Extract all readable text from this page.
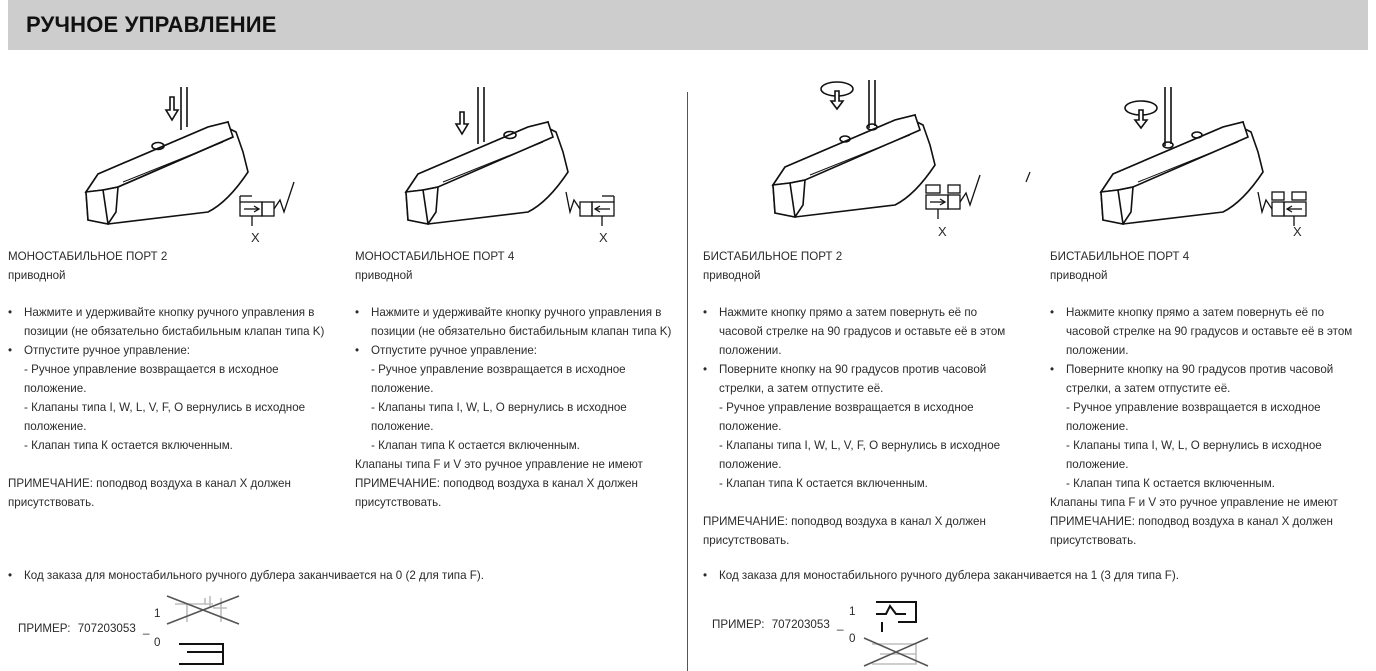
РУЧНОЕ УПРАВЛЕНИЕ
X	X	X	X
МОНОСТАБИЛЬНОЕ ПОРТ 2
приводной
• Нажмите и удерживайте кнопку ручного управления в позиции (не обязательно бистабильным клапан типа K)
• Отпустите ручное управление:
- Ручное управление возвращается в исходное положение.
- Клапаны типа I, W, L, V, F, O вернулись в исходное положение.
- Клапан типа К остается включенным.
ПРИМЕЧАНИЕ: поподвод воздуха в канал X должен присутствовать.
МОНОСТАБИЛЬНОЕ ПОРТ 4
приводной
• Нажмите и удерживайте кнопку ручного управления в позиции (не обязательно бистабильным клапан типа K)
• Отпустите ручное управление:
- Ручное управление возвращается в исходное положение.
- Клапаны типа I, W, L, O вернулись в исходное положение.
- Клапан типа К остается включенным.
Клапаны типа F и V это ручное управление не имеют
ПРИМЕЧАНИЕ: поподвод воздуха в канал X должен присутствовать.
БИСТАБИЛЬНОЕ ПОРТ 2
приводной
• Нажмите кнопку прямо а затем повернуть её по часовой стрелке на 90 градусов и оставьте её в этом положении.
• Поверните кнопку на 90 градусов против часовой стрелки, а затем отпустите её.
- Ручное управление возвращается в исходное положение.
- Клапаны типа I, W, L, V, F, O вернулись в исходное положение.
- Клапан типа К остается включенным.
ПРИМЕЧАНИЕ: поподвод воздуха в канал X должен присутствовать.
БИСТАБИЛЬНОЕ ПОРТ 4
приводной
• Нажмите кнопку прямо а затем повернуть её по часовой стрелке на 90 градусов и оставьте её в этом положении.
• Поверните кнопку на 90 градусов против часовой стрелки, а затем отпустите её.
- Ручное управление возвращается в исходное положение.
- Клапаны типа I, W, L, O вернулись в исходное положение.
- Клапан типа К остается включенным.
Клапаны типа F и V это ручное управление не имеют
ПРИМЕЧАНИЕ: поподвод воздуха в канал X должен присутствовать.
• Код заказа для моностабильного ручного дублера заканчивается на 0 (2 для типа F).
•	Код заказа для моностабильного ручного дублера заканчивается на 1 (3 для типа F).
ПРИМЕР: 707203053 _
1
0
ПРИМЕР: 707203053 _
1
0
